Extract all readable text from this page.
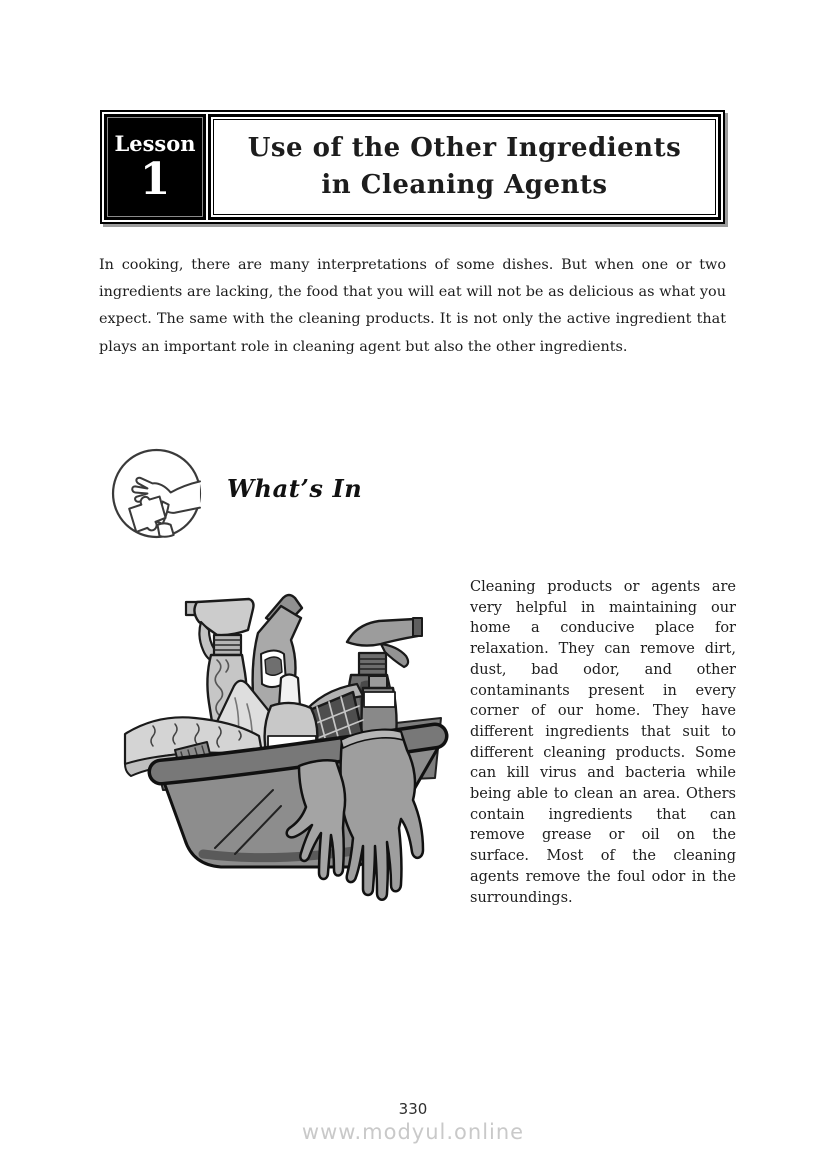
Lesson
1
Use of the Other Ingredients
in Cleaning Agents
In cooking, there are many interpretations of some dishes. But when one or two
ingredients are lacking, the food that you will eat will not be as delicious as what you
expect. The same with the cleaning products. It is not only the active ingredient that
plays an important role in cleaning agent but also the other ingredients.
What’s In
Cleaning products or agents are
very helpful in maintaining our
home a conducive place for
relaxation. They can remove dirt,
dust, bad odor, and other
contaminants present in every
corner of our home. They have
different ingredients that suit to
different cleaning products. Some
can kill virus and bacteria while
being able to clean an area. Others
contain ingredients that can
remove grease or oil on the
surface. Most of the cleaning
agents remove the foul odor in the
surroundings.
330
www.modyul.online
